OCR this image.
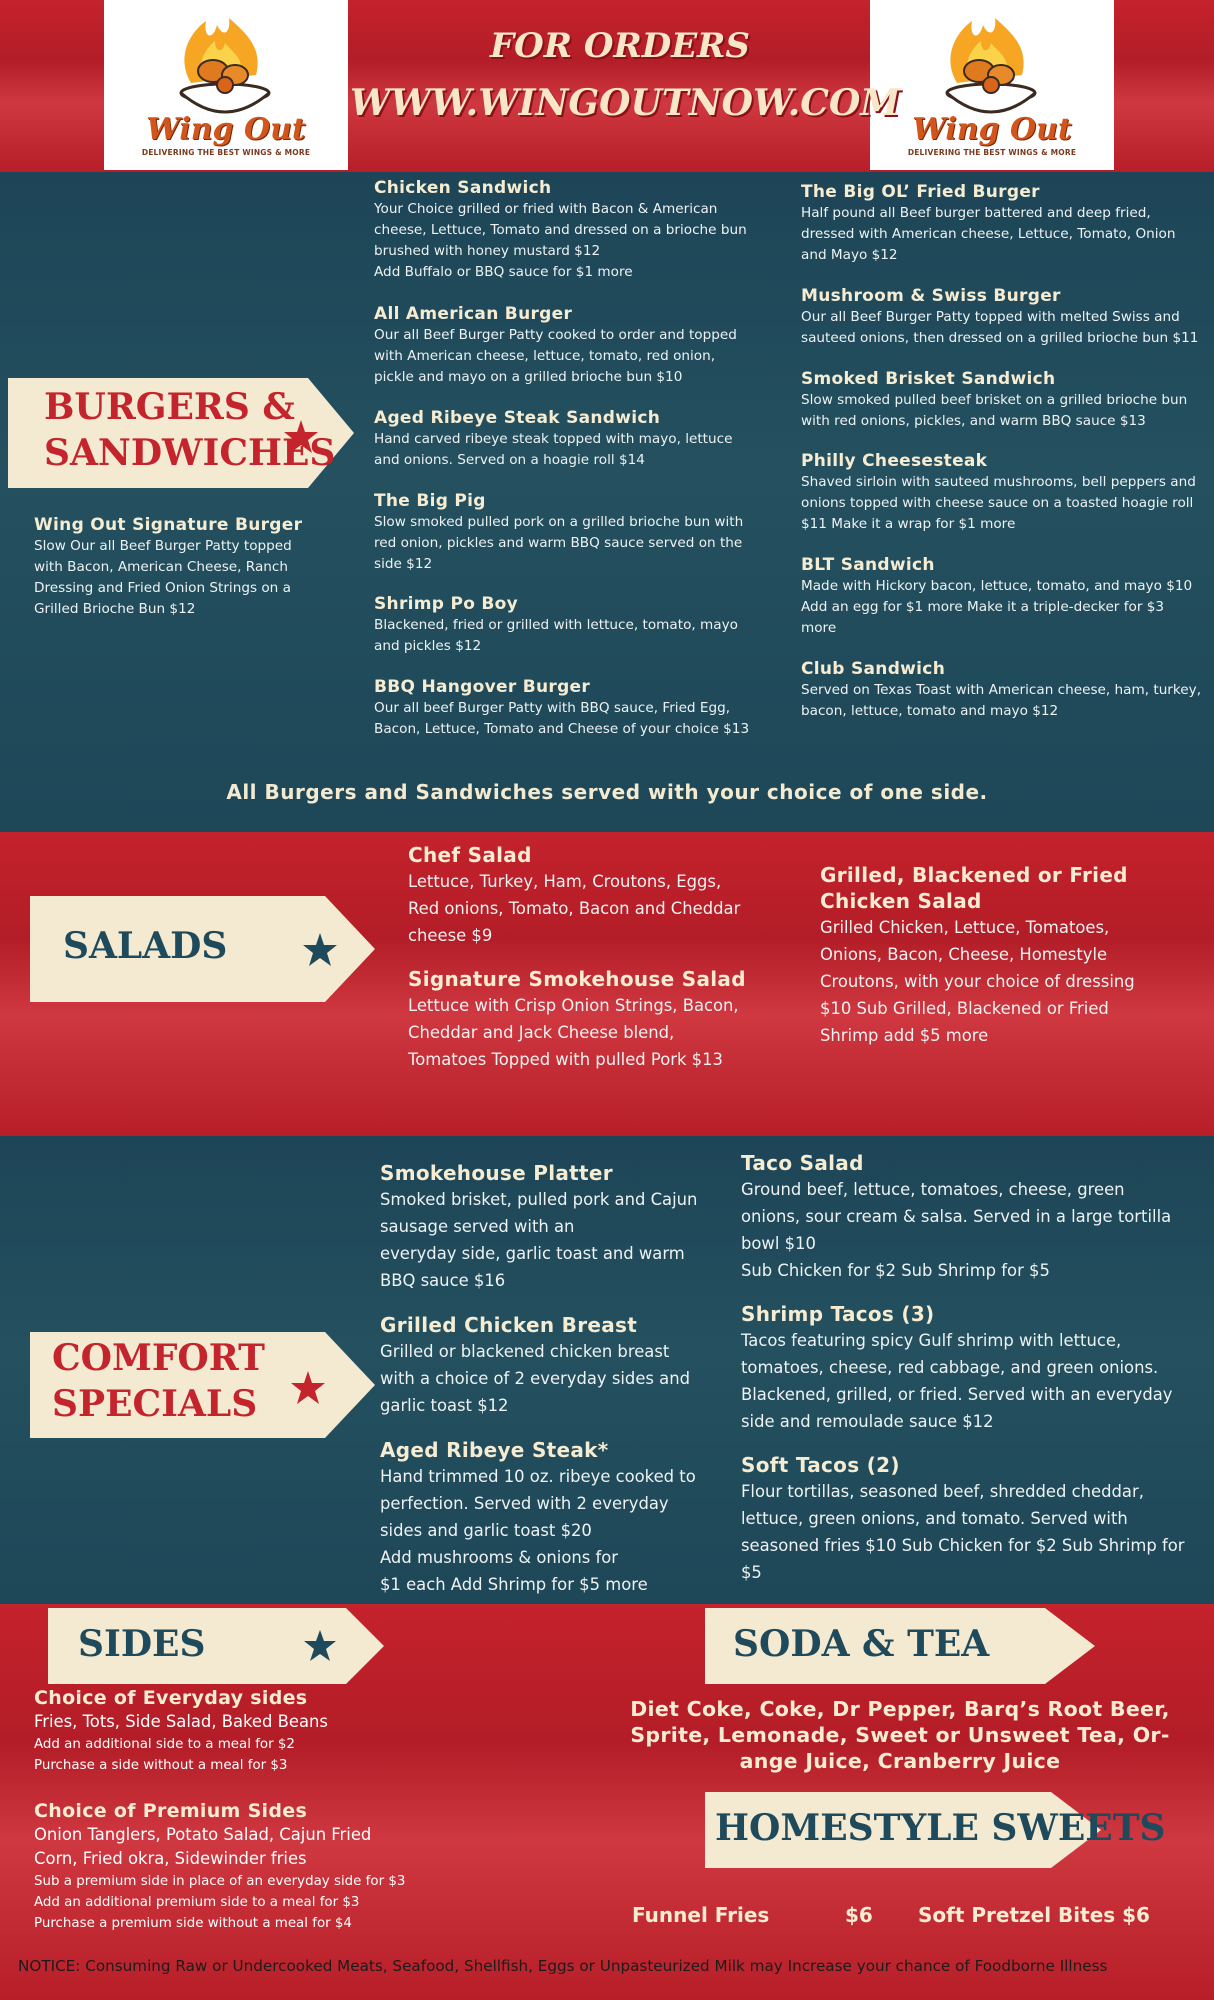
Wing Out
DELIVERING THE BEST WINGS & MORE
Wing Out
DELIVERING THE BEST WINGS & MORE
FOR ORDERS
WWW.WINGOUTNOW.COM
BURGERS &
SANDWICHES
Wing Out Signature Burger
Slow Our all Beef Burger Patty topped
with Bacon, American Cheese, Ranch
Dressing and Fried Onion Strings on a
Grilled Brioche Bun $12
Chicken Sandwich
Your Choice grilled or fried with Bacon & American
cheese, Lettuce, Tomato and dressed on a brioche bun
brushed with honey mustard $12
Add Buffalo or BBQ sauce for $1 more
All American Burger
Our all Beef Burger Patty cooked to order and topped
with American cheese, lettuce, tomato, red onion,
pickle and mayo on a grilled brioche bun $10
Aged Ribeye Steak Sandwich
Hand carved ribeye steak topped with mayo, lettuce
and onions. Served on a hoagie roll $14
The Big Pig
Slow smoked pulled pork on a grilled brioche bun with
red onion, pickles and warm BBQ sauce served on the
side $12
Shrimp Po Boy
Blackened, fried or grilled with lettuce, tomato, mayo
and pickles $12
BBQ Hangover Burger
Our all beef Burger Patty with BBQ sauce, Fried Egg,
Bacon, Lettuce, Tomato and Cheese of your choice $13
The Big OL’ Fried Burger
Half pound all Beef burger battered and deep fried,
dressed with American cheese, Lettuce, Tomato, Onion
and Mayo $12
Mushroom & Swiss Burger
Our all Beef Burger Patty topped with melted Swiss and
sauteed onions, then dressed on a grilled brioche bun $11
Smoked Brisket Sandwich
Slow smoked pulled beef brisket on a grilled brioche bun
with red onions, pickles, and warm BBQ sauce $13
Philly Cheesesteak
Shaved sirloin with sauteed mushrooms, bell peppers and
onions topped with cheese sauce on a toasted hoagie roll
$11 Make it a wrap for $1 more
BLT Sandwich
Made with Hickory bacon, lettuce, tomato, and mayo $10
Add an egg for $1 more Make it a triple-decker for $3
more
Club Sandwich
Served on Texas Toast with American cheese, ham, turkey,
bacon, lettuce, tomato and mayo $12
All Burgers and Sandwiches served with your choice of one side.
SALADS
Chef Salad
Lettuce, Turkey, Ham, Croutons, Eggs,
Red onions, Tomato, Bacon and Cheddar
cheese $9
Signature Smokehouse Salad
Lettuce with Crisp Onion Strings, Bacon,
Cheddar and Jack Cheese blend,
Tomatoes Topped with pulled Pork $13
Grilled, Blackened or Fried
Chicken Salad
Grilled Chicken, Lettuce, Tomatoes,
Onions, Bacon, Cheese, Homestyle
Croutons, with your choice of dressing
$10 Sub Grilled, Blackened or Fried
Shrimp add $5 more
COMFORT
SPECIALS
Smokehouse Platter
Smoked brisket, pulled pork and Cajun
sausage served with an
everyday side, garlic toast and warm
BBQ sauce $16
Grilled Chicken Breast
Grilled or blackened chicken breast
with a choice of 2 everyday sides and
garlic toast $12
Aged Ribeye Steak*
Hand trimmed 10 oz. ribeye cooked to
perfection. Served with 2 everyday
sides and garlic toast $20
Add mushrooms & onions for
$1 each Add Shrimp for $5 more
Taco Salad
Ground beef, lettuce, tomatoes, cheese, green
onions, sour cream & salsa. Served in a large tortilla
bowl $10
Sub Chicken for $2 Sub Shrimp for $5
Shrimp Tacos (3)
Tacos featuring spicy Gulf shrimp with lettuce,
tomatoes, cheese, red cabbage, and green onions.
Blackened, grilled, or fried. Served with an everyday
side and remoulade sauce $12
Soft Tacos (2)
Flour tortillas, seasoned beef, shredded cheddar,
lettuce, green onions, and tomato. Served with
seasoned fries $10 Sub Chicken for $2 Sub Shrimp for
$5
SIDES
Choice of Everyday sides
Fries, Tots, Side Salad, Baked Beans
Add an additional side to a meal for $2
Purchase a side without a meal for $3
Choice of Premium Sides
Onion Tanglers, Potato Salad, Cajun Fried
Corn, Fried okra, Sidewinder fries
Sub a premium side in place of an everyday side for $3
Add an additional premium side to a meal for $3
Purchase a premium side without a meal for $4
SODA & TEA
Diet Coke, Coke, Dr Pepper, Barq’s Root Beer,
Sprite, Lemonade, Sweet or Unsweet Tea, Or-
ange Juice, Cranberry Juice
HOMESTYLE SWEETS
Funnel Fries	$6 Soft Pretzel Bites $6
NOTICE: Consuming Raw or Undercooked Meats, Seafood, Shellfish, Eggs or Unpasteurized Milk may Increase your chance of Foodborne Illness
